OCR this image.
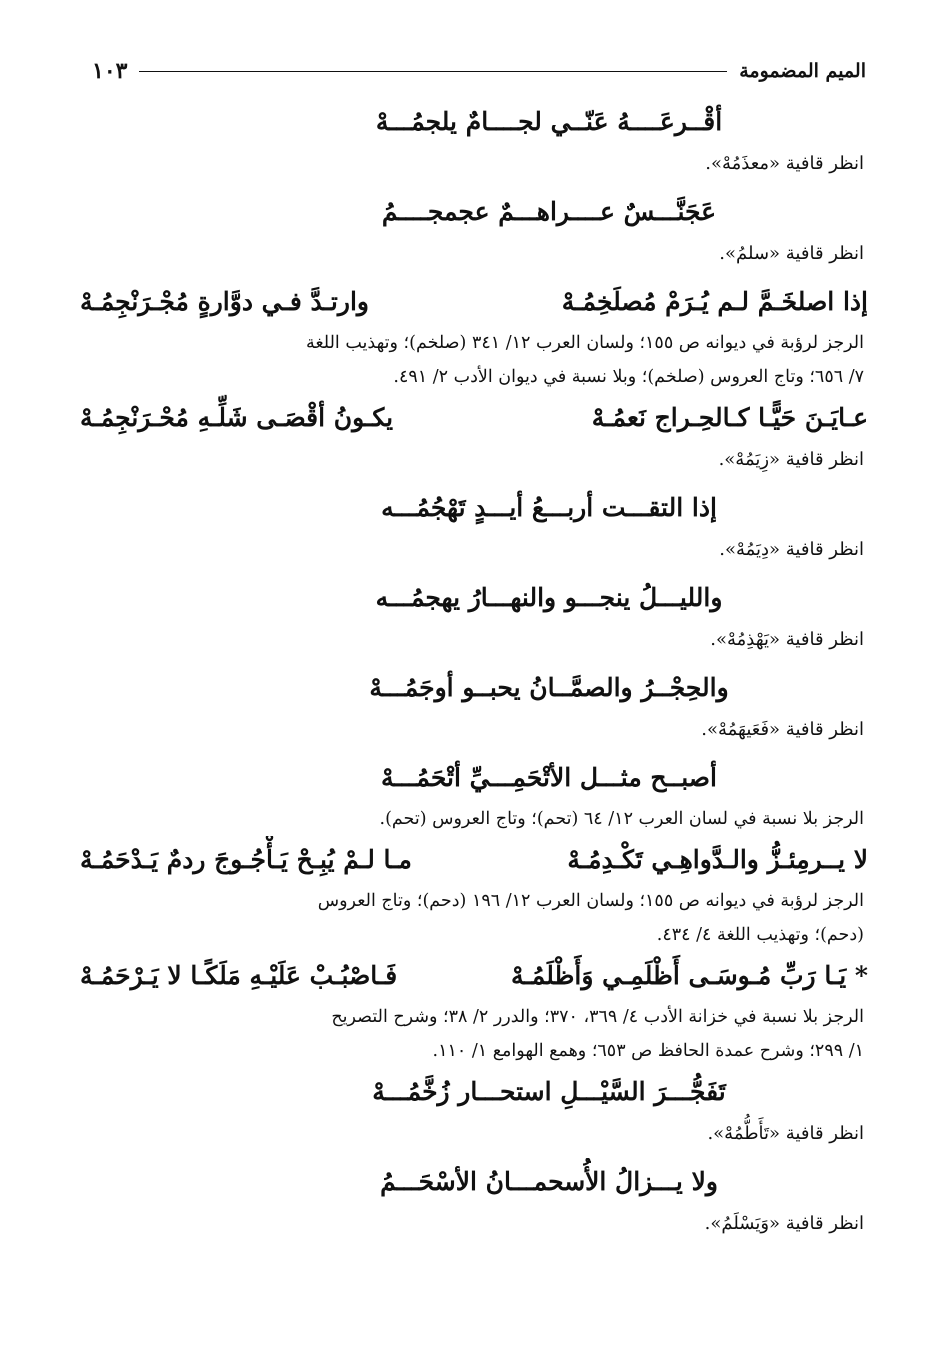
الميم المضمومة
١٠٣
أقْــرعَــــهُ عَنّــي لجــــامٌ يلجمُـــهْ
انظر قافية «معذَمُهْ».
عَجَنَّـــسٌ عــــراهـــمٌ عجمجــــمُ
انظر قافية «سلمُ».
إذا اصلخَـمَّ لـم يُـرَمْ مُصلَخِمُـهْ
وارتـدَّ فـي دوَّارةٍ مُجْـرَنْجِمُـهْ

الرجز لرؤبة في ديوانه ص ١٥٥؛ ولسان العرب ١٢/ ٣٤١ (صلخم)؛ وتهذيب اللغة

٧/ ٦٥٦؛ وتاج العروس (صلخم)؛ وبلا نسبة في ديوان الأدب ٢/ ٤٩١.

عـايَـنَ حَيًّـا كـالحِـراج نَعمُـهْ
يكـونُ أقْصَـى شَلِّـهِ مُحْـرَنْجِمُـهْ
انظر قافية «زِيَمُهْ».
إذا التقـــت أربـــعُ أيـــدٍ تَهْجُمُـــه
انظر قافية «دِيَمُهْ».
والليـــلُ ينجـــو والنهـــارُ يهجمُـــه
انظر قافية «يَهْذِمُهْ».
والحِجْــرُ والصمَّــانُ يحبــو أوجَمُـــهْ
انظر قافية «فَعَيهَمُهْ».
أصبــح مثـــل الأتْحَمِـــيِّ أتْحَمُـــهْ

الرجز بلا نسبة في لسان العرب ١٢/ ٦٤ (تحم)؛ وتاج العروس (تحم).

لا يــرمِئـزُّ والـدَّواهِـي تَكْـدِمُـهْ
مـا لـمْ يُبِـحْ يَـأْجُـوجَ ردمٌ يَـدْحَمُـهْ

الرجز لرؤبة في ديوانه ص ١٥٥؛ ولسان العرب ١٢/ ١٩٦ (دحم)؛ وتاج العروس

(دحم)؛ وتهذيب اللغة ٤/ ٤٣٤.

* يَـا رَبِّ مُـوسَـى أَظْلَمِـي وَأَظْلَمُـهْ
فَـاصْبُـبْ عَلَيْـهِ مَلَكًـا لا يَـرْحَمُـهْ

الرجز بلا نسبة في خزانة الأدب ٤/ ٣٦٩، ٣٧٠؛ والدرر ٢/ ٣٨؛ وشرح التصريح

١/ ٢٩٩؛ وشرح عمدة الحافظ ص ٦٥٣؛ وهمع الهوامع ١/ ١١٠.

تَفَجُّـــرَ السَّيْـــلِ استحـــار زُخَّمُـــهْ
انظر قافية «تَأَطُّمُهْ».
ولا يـــزالُ الأُسحمـــانُ الأسْحَـــمُ
انظر قافية «وَيَسْلَمُ».
